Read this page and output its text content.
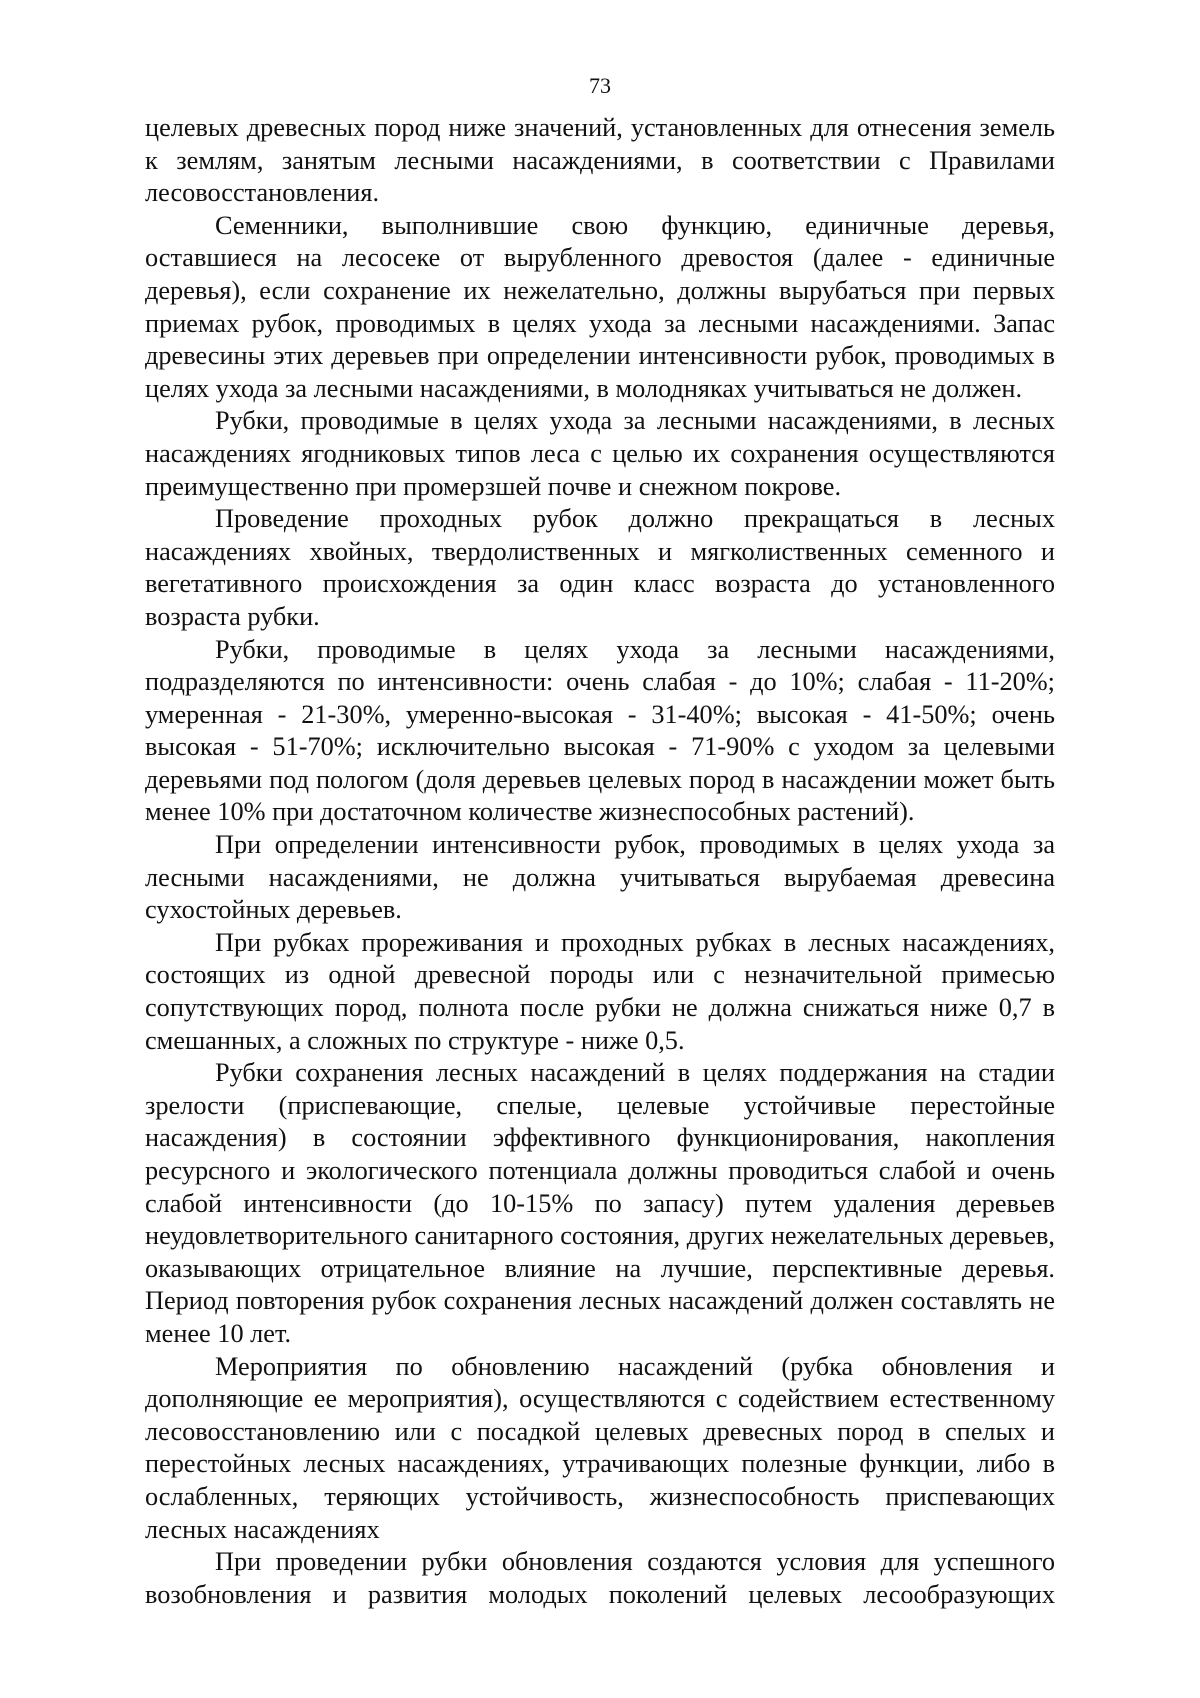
73

целевых древесных пород ниже значений, установленных для отнесения земель к землям, занятым лесными насаждениями, в соответствии с Правилами лесовосстановления.

Семенники, выполнившие свою функцию, единичные деревья, оставшиеся на лесосеке от вырубленного древостоя (далее - единичные деревья), если сохранение их нежелательно, должны вырубаться при первых приемах рубок, проводимых в целях ухода за лесными насаждениями. Запас древесины этих деревьев при определении интенсивности рубок, проводимых в целях ухода за лесными насаждениями, в молодняках учитываться не должен.

Рубки, проводимые в целях ухода за лесными насаждениями, в лесных насаждениях ягодниковых типов леса с целью их сохранения осуществляются преимущественно при промерзшей почве и снежном покрове.

Проведение проходных рубок должно прекращаться в лесных насаждениях хвойных, твердолиственных и мягколиственных семенного и вегетативного происхождения за один класс возраста до установленного возраста рубки.

Рубки, проводимые в целях ухода за лесными насаждениями, подразделяются по интенсивности: очень слабая - до 10%; слабая - 11-20%; умеренная - 21-30%, умеренно-высокая - 31-40%; высокая - 41-50%; очень высокая - 51-70%; исключительно высокая - 71-90% с уходом за целевыми деревьями под пологом (доля деревьев целевых пород в насаждении может быть менее 10% при достаточном количестве жизнеспособных растений).

При определении интенсивности рубок, проводимых в целях ухода за лесными насаждениями, не должна учитываться вырубаемая древесина сухостойных деревьев.

При рубках прореживания и проходных рубках в лесных насаждениях, состоящих из одной древесной породы или с незначительной примесью сопутствующих пород, полнота после рубки не должна снижаться ниже 0,7 в смешанных, а сложных по структуре - ниже 0,5.

Рубки сохранения лесных насаждений в целях поддержания на стадии зрелости (приспевающие, спелые, целевые устойчивые перестойные насаждения) в состоянии эффективного функционирования, накопления ресурсного и экологического потенциала должны проводиться слабой и очень слабой интенсивности (до 10-15% по запасу) путем удаления деревьев неудовлетворительного санитарного состояния, других нежелательных деревьев, оказывающих отрицательное влияние на лучшие, перспективные деревья. Период повторения рубок сохранения лесных насаждений должен составлять не менее 10 лет.

Мероприятия по обновлению насаждений (рубка обновления и дополняющие ее мероприятия), осуществляются с содействием естественному лесовосстановлению или с посадкой целевых древесных пород в спелых и перестойных лесных насаждениях, утрачивающих полезные функции, либо в ослабленных, теряющих устойчивость, жизнеспособность приспевающих лесных насаждениях

При проведении рубки обновления создаются условия для успешного возобновления и развития молодых поколений целевых лесообразующих
